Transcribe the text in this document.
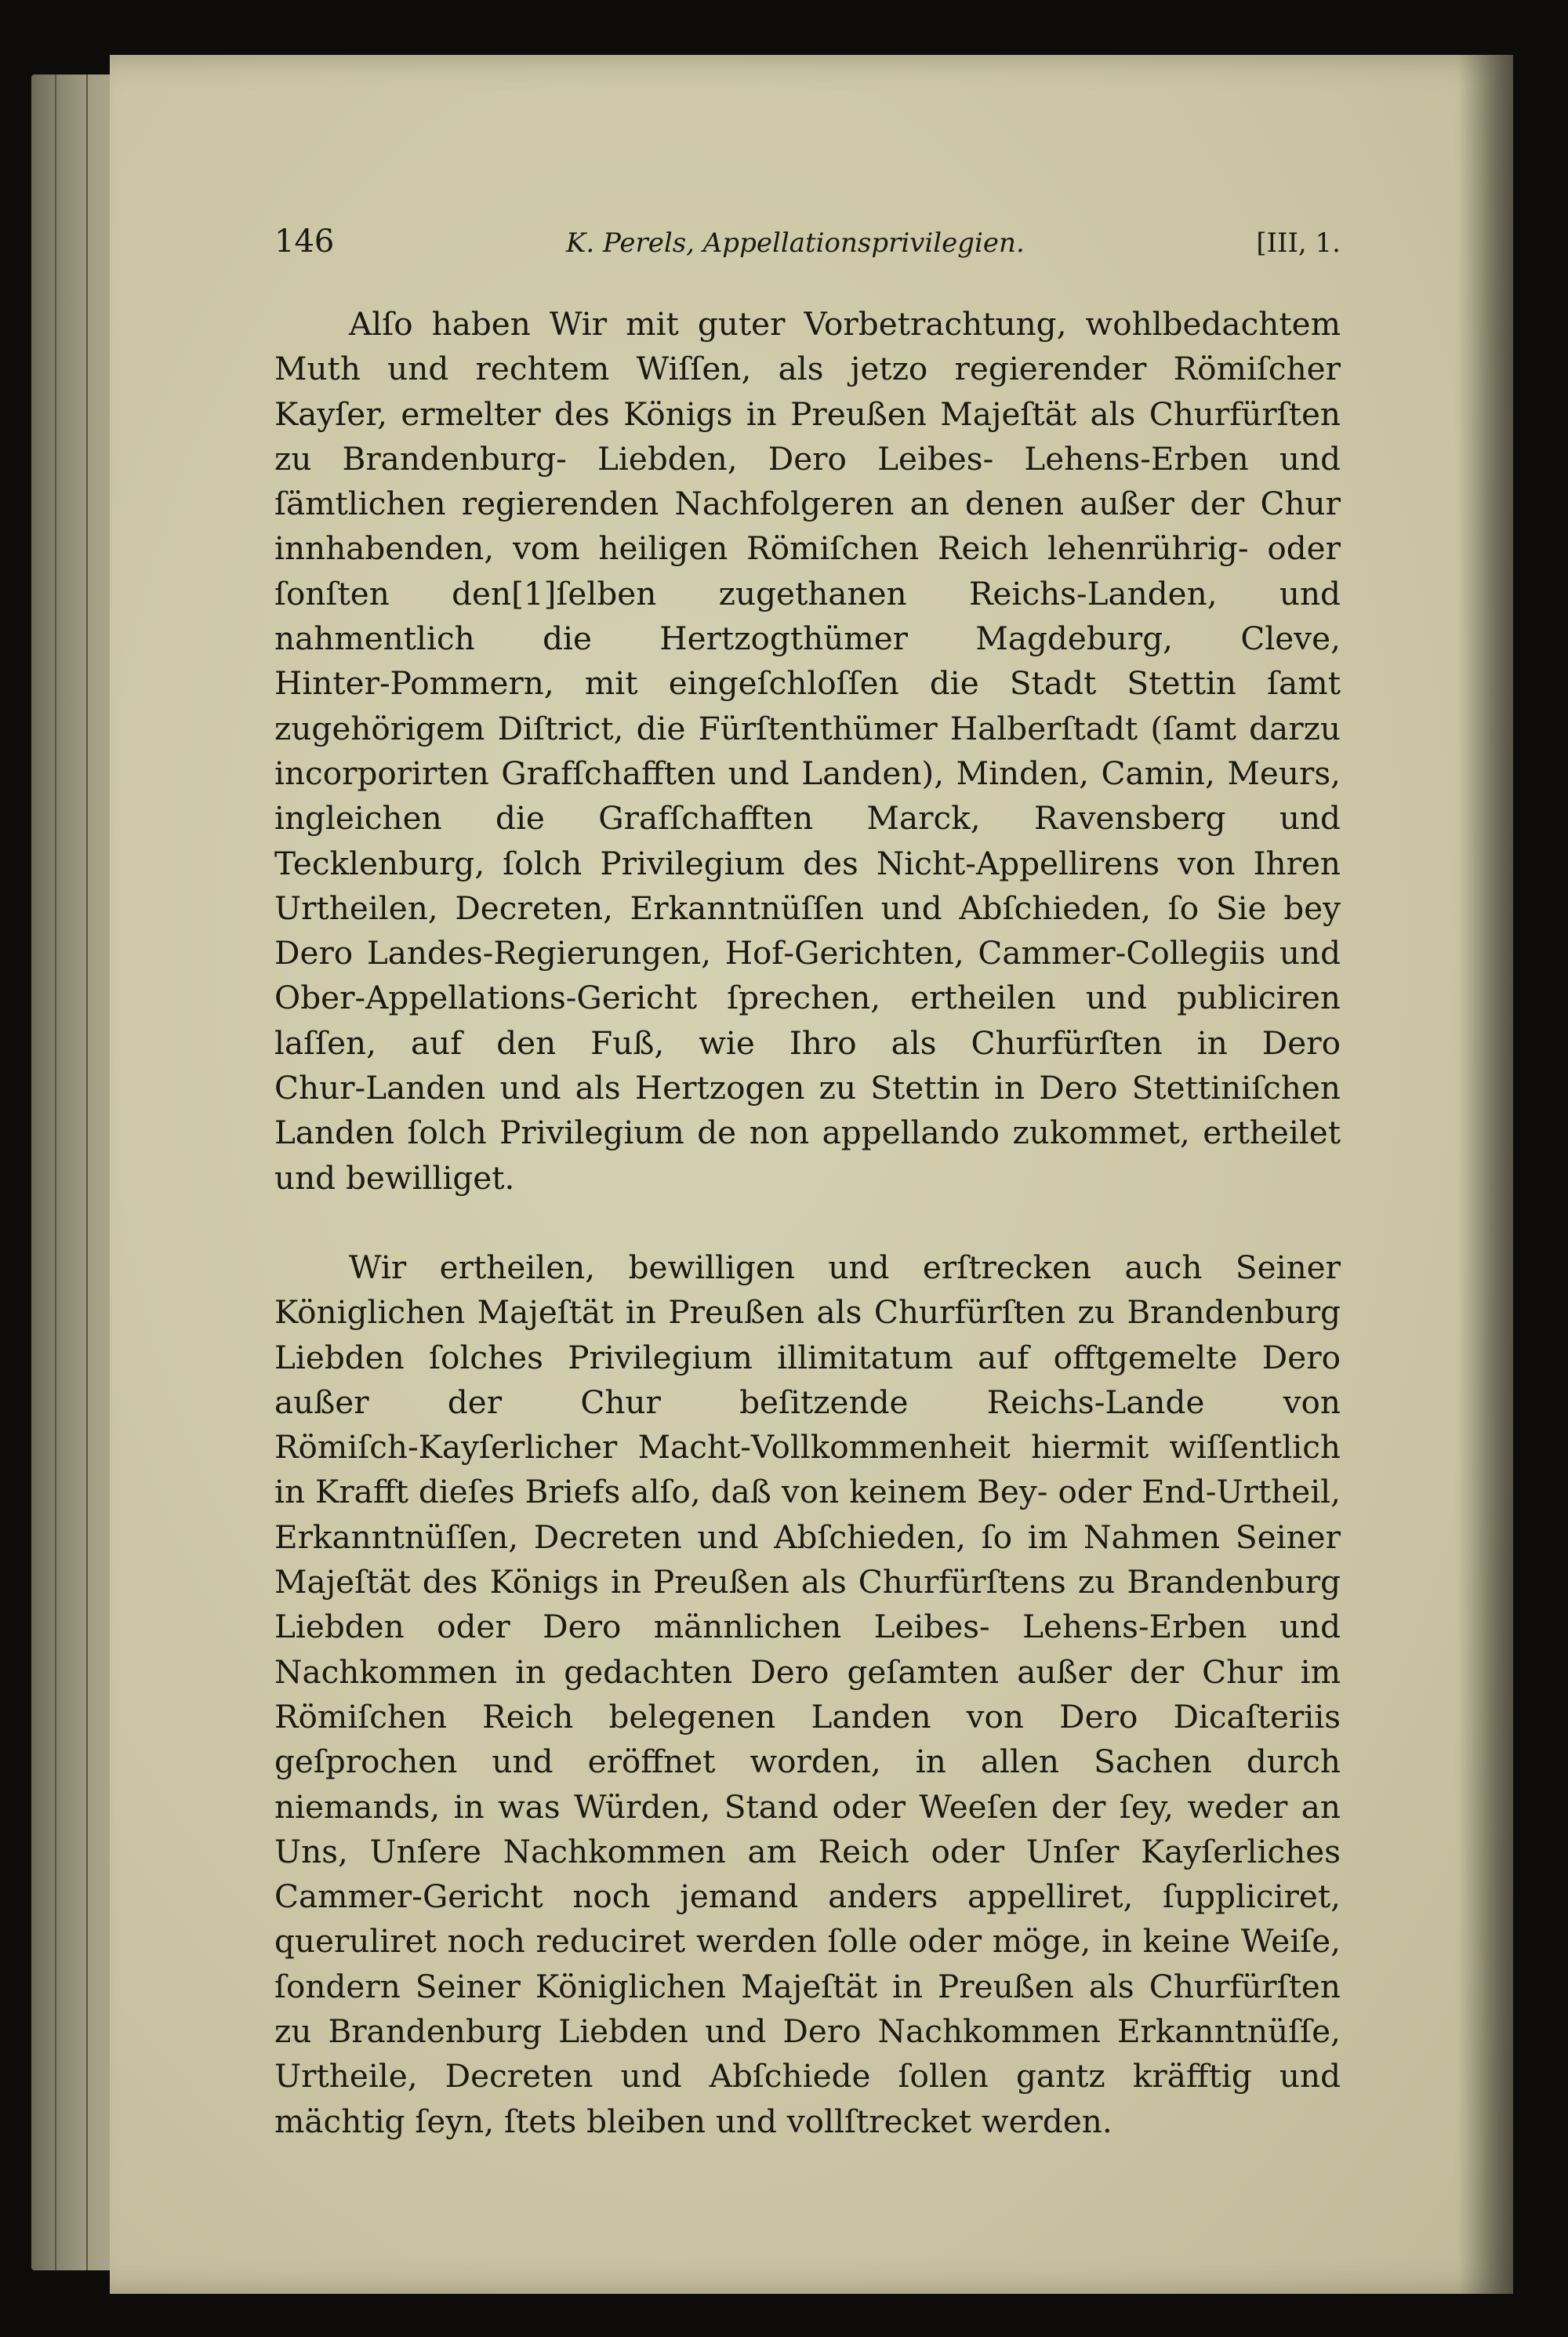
146	K. Perels, Appellationsprivilegien.	[III, 1.

Alſo haben Wir mit guter Vorbetrachtung, wohlbedachtem Muth und rechtem Wiſſen, als jetzo regierender Römiſcher Kayſer, ermelter des Königs in Preußen Majeſtät als Churfürſten zu Brandenburg‑ Liebden, Dero Leibes‑ Lehens‑Erben und ſämtlichen regierenden Nachfolgeren an denen außer der Chur innhabenden, vom heiligen Römiſchen Reich lehenrührig‑ oder ſonſten den[1]ſelben zugethanen Reichs‑Landen, und nahmentlich die Hertzogthümer Magdeburg, Cleve, Hinter‑Pommern, mit eingeſchloſſen die Stadt Stettin ſamt zugehörigem Diſtrict, die Fürſtenthümer Halberſtadt (ſamt darzu incorporirten Grafſchafften und Landen), Minden, Camin, Meurs, ingleichen die Grafſchafften Marck, Ravensberg und Tecklenburg, ſolch Privilegium des Nicht‑Appellirens von Ihren Urtheilen, Decreten, Erkanntnüſſen und Abſchieden, ſo Sie bey Dero Landes‑Regierungen, Hof‑Gerichten, Cammer‑Collegiis und Ober‑Appellations‑Gericht ſprechen, ertheilen und publiciren laſſen, auf den Fuß, wie Ihro als Churfürſten in Dero Chur‑Landen und als Hertzogen zu Stettin in Dero Stettiniſchen Landen ſolch Privilegium de non appellando zukommet, ertheilet und bewilliget.

Wir ertheilen, bewilligen und erſtrecken auch Seiner Königlichen Majeſtät in Preußen als Churfürſten zu Brandenburg Liebden ſolches Privilegium illimitatum auf offtgemelte Dero außer der Chur beſitzende Reichs‑Lande von Römiſch‑Kayſerlicher Macht‑Vollkommenheit hiermit wiſſentlich in Krafft dieſes Briefs alſo, daß von keinem Bey‑ oder End‑Urtheil, Erkanntnüſſen, Decreten und Abſchieden, ſo im Nahmen Seiner Majeſtät des Königs in Preußen als Churfürſtens zu Brandenburg Liebden oder Dero männlichen Leibes‑ Lehens‑Erben und Nachkommen in gedachten Dero geſamten außer der Chur im Römiſchen Reich belegenen Landen von Dero Dicaſteriis geſprochen und eröffnet worden, in allen Sachen durch niemands, in was Würden, Stand oder Weeſen der ſey, weder an Uns, Unſere Nachkommen am Reich oder Unſer Kayſerliches Cammer‑Gericht noch jemand anders appelliret, ſuppliciret, queruliret noch reduciret werden ſolle oder möge, in keine Weiſe, ſondern Seiner Königlichen Majeſtät in Preußen als Churfürſten zu Brandenburg Liebden und Dero Nachkommen Erkanntnüſſe, Urtheile, Decreten und Abſchiede ſollen gantz kräfftig und mächtig ſeyn, ſtets bleiben und vollſtrecket werden.
